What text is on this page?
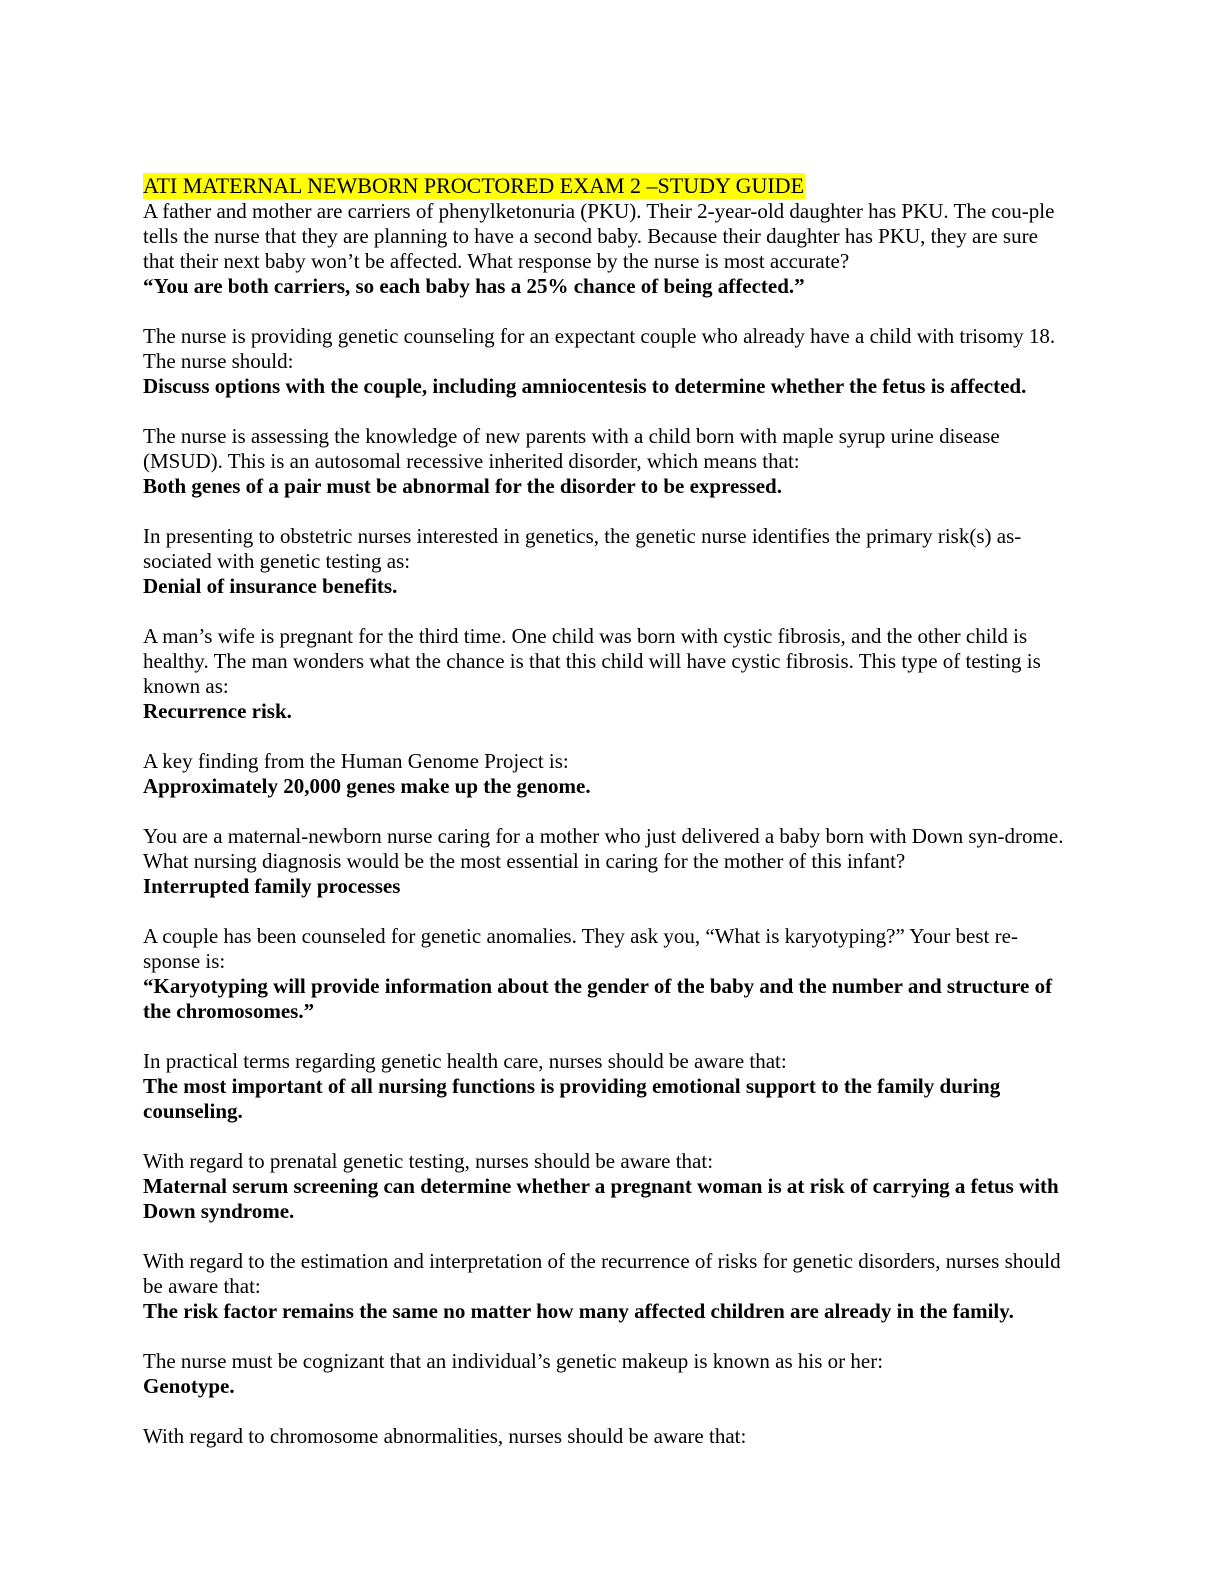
ATI MATERNAL NEWBORN PROCTORED EXAM 2 –STUDY GUIDE

A father and mother are carriers of phenylketonuria (PKU). Their 2-year-old daughter has PKU. The cou-ple tells the nurse that they are planning to have a second baby. Because their daughter has PKU, they are sure that their next baby won’t be affected. What response by the nurse is most accurate?

“You are both carriers, so each baby has a 25% chance of being affected.”

The nurse is providing genetic counseling for an expectant couple who already have a child with trisomy 18. The nurse should:

Discuss options with the couple, including amniocentesis to determine whether the fetus is affected.

The nurse is assessing the knowledge of new parents with a child born with maple syrup urine disease (MSUD). This is an autosomal recessive inherited disorder, which means that:

Both genes of a pair must be abnormal for the disorder to be expressed.

In presenting to obstetric nurses interested in genetics, the genetic nurse identifies the primary risk(s) as-sociated with genetic testing as:

Denial of insurance benefits.

A man’s wife is pregnant for the third time. One child was born with cystic fibrosis, and the other child is healthy. The man wonders what the chance is that this child will have cystic fibrosis. This type of testing is known as:

Recurrence risk.

A key finding from the Human Genome Project is:

Approximately 20,000 genes make up the genome.

You are a maternal-newborn nurse caring for a mother who just delivered a baby born with Down syn-drome. What nursing diagnosis would be the most essential in caring for the mother of this infant?

Interrupted family processes

A couple has been counseled for genetic anomalies. They ask you, “What is karyotyping?” Your best re-sponse is:

“Karyotyping will provide information about the gender of the baby and the number and structure of the chromosomes.”

In practical terms regarding genetic health care, nurses should be aware that:

The most important of all nursing functions is providing emotional support to the family during counseling.

With regard to prenatal genetic testing, nurses should be aware that:

Maternal serum screening can determine whether a pregnant woman is at risk of carrying a fetus with Down syndrome.

With regard to the estimation and interpretation of the recurrence of risks for genetic disorders, nurses should be aware that:

The risk factor remains the same no matter how many affected children are already in the family.

The nurse must be cognizant that an individual’s genetic makeup is known as his or her:

Genotype.

With regard to chromosome abnormalities, nurses should be aware that:
